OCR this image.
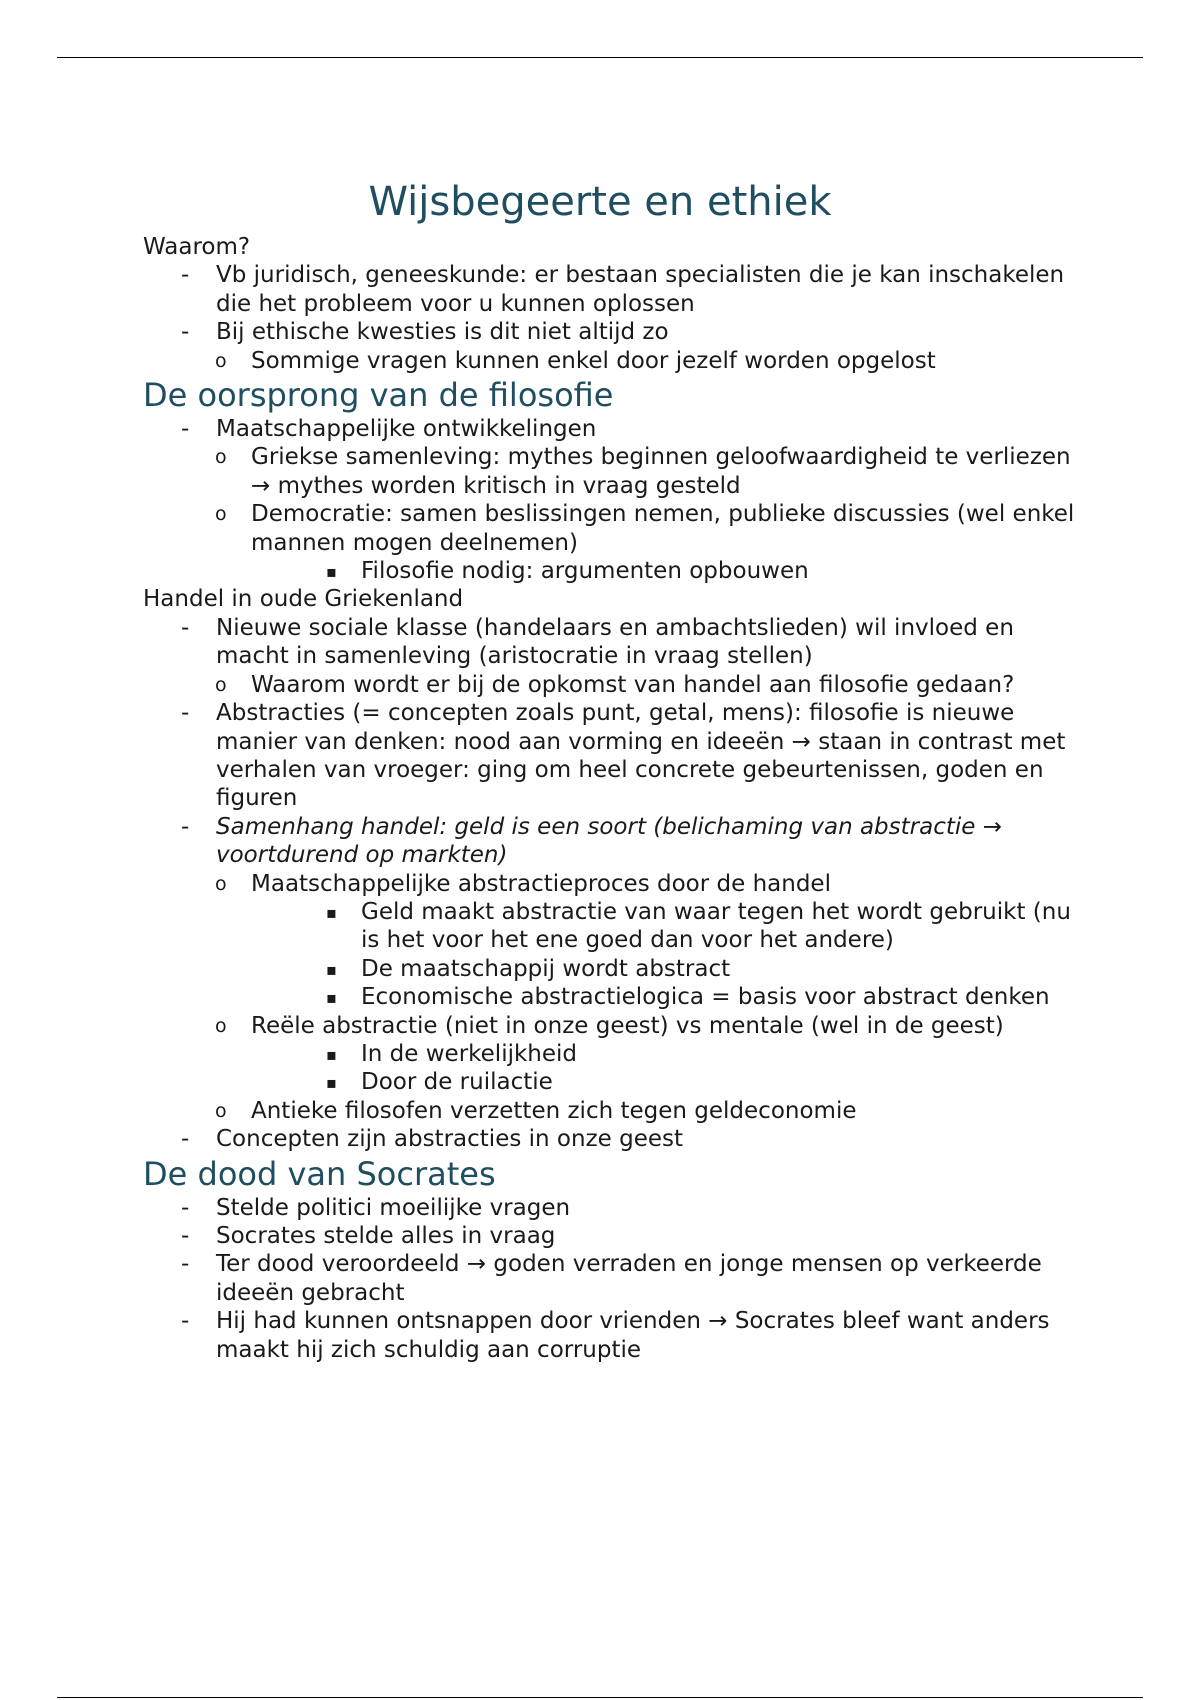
Wijsbegeerte en ethiek

Waarom?

- Vb juridisch, geneeskunde: er bestaan specialisten die je kan inschakelen die het probleem voor u kunnen oplossen
- Bij ethische kwesties is dit niet altijd zo
o Sommige vragen kunnen enkel door jezelf worden opgelost
De oorsprong van de filosofie
- Maatschappelijke ontwikkelingen
o Griekse samenleving: mythes beginnen geloofwaardigheid te verliezen → mythes worden kritisch in vraag gesteld
o Democratie: samen beslissingen nemen, publieke discussies (wel enkel mannen mogen deelnemen)
▪ Filosofie nodig: argumenten opbouwen

Handel in oude Griekenland

- Nieuwe sociale klasse (handelaars en ambachtslieden) wil invloed en macht in samenleving (aristocratie in vraag stellen)
o Waarom wordt er bij de opkomst van handel aan filosofie gedaan?
- Abstracties (= concepten zoals punt, getal, mens): filosofie is nieuwe manier van denken: nood aan vorming en ideeën → staan in contrast met verhalen van vroeger: ging om heel concrete gebeurtenissen, goden en figuren
- Samenhang handel: geld is een soort (belichaming van abstractie → voortdurend op markten)
o Maatschappelijke abstractieproces door de handel
▪ Geld maakt abstractie van waar tegen het wordt gebruikt (nu is het voor het ene goed dan voor het andere)
▪ De maatschappij wordt abstract
▪ Economische abstractielogica = basis voor abstract denken
o Reële abstractie (niet in onze geest) vs mentale (wel in de geest)
▪ In de werkelijkheid
▪ Door de ruilactie
o Antieke filosofen verzetten zich tegen geldeconomie
- Concepten zijn abstracties in onze geest
De dood van Socrates
- Stelde politici moeilijke vragen
- Socrates stelde alles in vraag
- Ter dood veroordeeld → goden verraden en jonge mensen op verkeerde ideeën gebracht
- Hij had kunnen ontsnappen door vrienden → Socrates bleef want anders maakt hij zich schuldig aan corruptie
